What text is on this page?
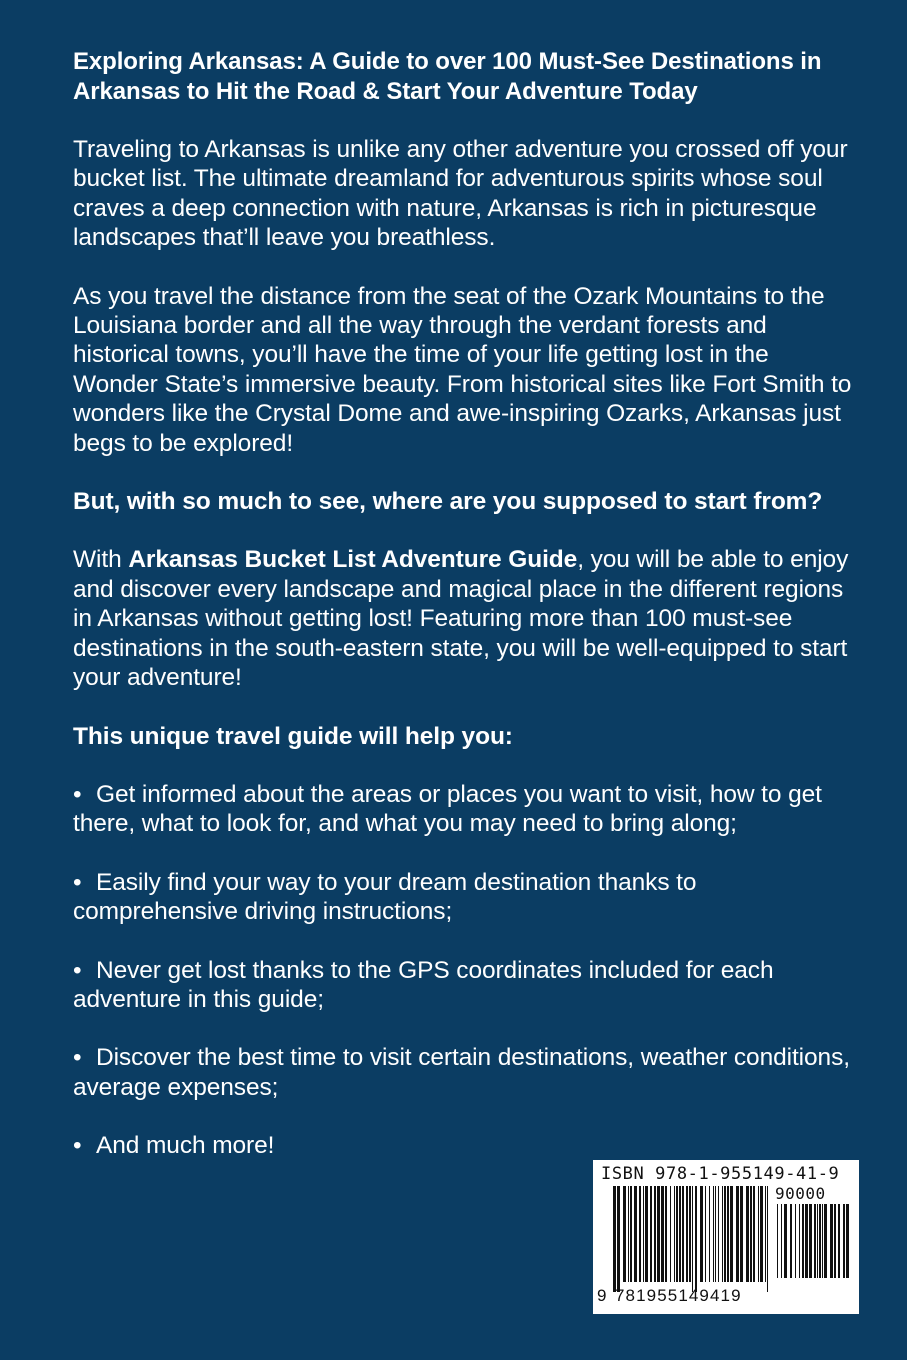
Exploring Arkansas: A Guide to over 100 Must-See Destinations in Arkansas to Hit the Road & Start Your Adventure Today

Traveling to Arkansas is unlike any other adventure you crossed off your bucket list. The ultimate dreamland for adventurous spirits whose soul craves a deep connection with nature, Arkansas is rich in picturesque landscapes that’ll leave you breathless.

As you travel the distance from the seat of the Ozark Mountains to the Louisiana border and all the way through the verdant forests and historical towns, you’ll have the time of your life getting lost in the Wonder State’s immersive beauty. From historical sites like Fort Smith to wonders like the Crystal Dome and awe-inspiring Ozarks, Arkansas just begs to be explored!

But, with so much to see, where are you supposed to start from?

With Arkansas Bucket List Adventure Guide, you will be able to enjoy and discover every landscape and magical place in the different regions in Arkansas without getting lost! Featuring more than 100 must-see destinations in the south-eastern state, you will be well-equipped to start your adventure!

This unique travel guide will help you:

• Get informed about the areas or places you want to visit, how to get there, what to look for, and what you may need to bring along;

• Easily find your way to your dream destination thanks to comprehensive driving instructions;

• Never get lost thanks to the GPS coordinates included for each adventure in this guide;

• Discover the best time to visit certain destinations, weather conditions, average expenses;

• And much more!

ISBN 978-1-955149-41-9
90000
9 781955149419
